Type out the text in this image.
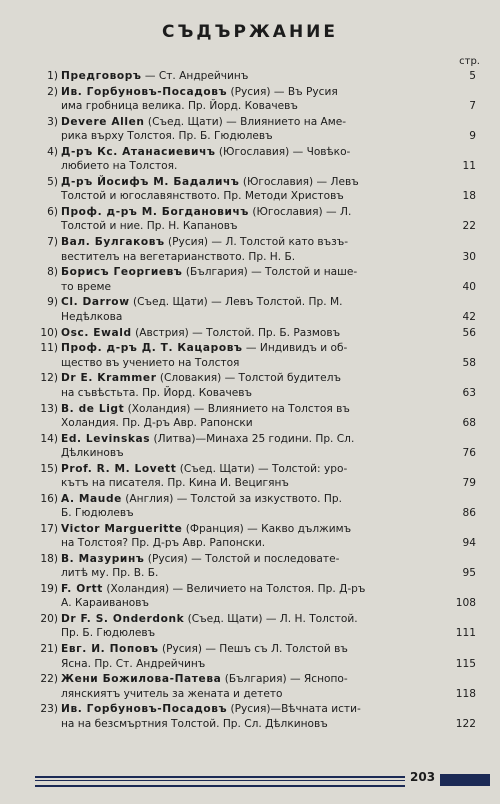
СЪДЪРЖАНИЕ
стр.
1) Предговоръ — Ст. Андрейчинъ	5
2) Ив. Горбуновъ-Посадовъ (Русия) — Въ Русия
има гробница велика. Пр. Йорд. Ковачевъ	7
3) Devere Allen (Съед. Щати) — Влиянието на Аме-
рика върху Толстоя. Пр. Б. Гюдюлевъ	9
4) Д-ръ Кс. Атанасиевичъ (Югославия) — Човѣко-
любието на Толстоя.	11
5) Д-ръ Йосифъ М. Бадаличъ (Югославия) — Левъ
Толстой и югославянството. Пр. Методи Христовъ	18
6) Проф. д-ръ М. Богдановичъ (Югославия) — Л.
Толстой и ние. Пр. Н. Капановъ	22
7) Вал. Булгаковъ (Русия) — Л. Толстой като възъ-
вестителъ на вегетарианството. Пр. Н. Б.	30
8) Борисъ Георгиевъ (България) — Толстой и наше-
то време	40
9) Cl. Darrow (Съед. Щати) — Левъ Толстой. Пр. М.
Недѣлкова	42
10) Osc. Ewald (Австрия) — Толстой. Пр. Б. Размовъ	56
11) Проф. д-ръ Д. Т. Кацаровъ — Индивидъ и об-
щество въ учението на Толстоя	58
12) Dr E. Krammer (Словакия) — Толстой будителъ
на съвѣстьта. Пр. Йорд. Ковачевъ	63
13) B. de Ligt (Холандия) — Влиянието на Толстоя въ
Холандия. Пр. Д-ръ Авр. Рапонски	68
14) Ed. Levinskas (Литва)—Минаха 25 години. Пр. Сл.
Дѣлкиновъ	76
15) Prof. R. M. Lovett (Съед. Щати) — Толстой: уро-
кътъ на писателя. Пр. Кина И. Вецигянъ	79
16) A. Maude (Англия) — Толстой за изкуството. Пр.
Б. Гюдюлевъ	86
17) Victor Margueritte (Франция) — Какво дължимъ
на Толстоя? Пр. Д-ръ Авр. Рапонски.	94
18) В. Мазуринъ (Русия) — Толстой и последовате-
литѣ му. Пр. В. Б.	95
19) F. Ortt (Холандия) — Величието на Толстоя. Пр. Д-ръ
А. Караивановъ	108
20) Dr F. S. Onderdonk (Съед. Щати) — Л. Н. Толстой.
Пр. Б. Гюдюлевъ	111
21) Евг. И. Поповъ (Русия) — Пешъ съ Л. Толстой въ
Ясна. Пр. Ст. Андрейчинъ	115
22) Жени Божилова-Патева (България) — Яснопо-
лянскиятъ учитель за жената и детето	118
23) Ив. Горбуновъ-Посадовъ (Русия)—Вѣчната исти-
на на безсмъртния Толстой. Пр. Сл. Дѣлкиновъ	122
203
